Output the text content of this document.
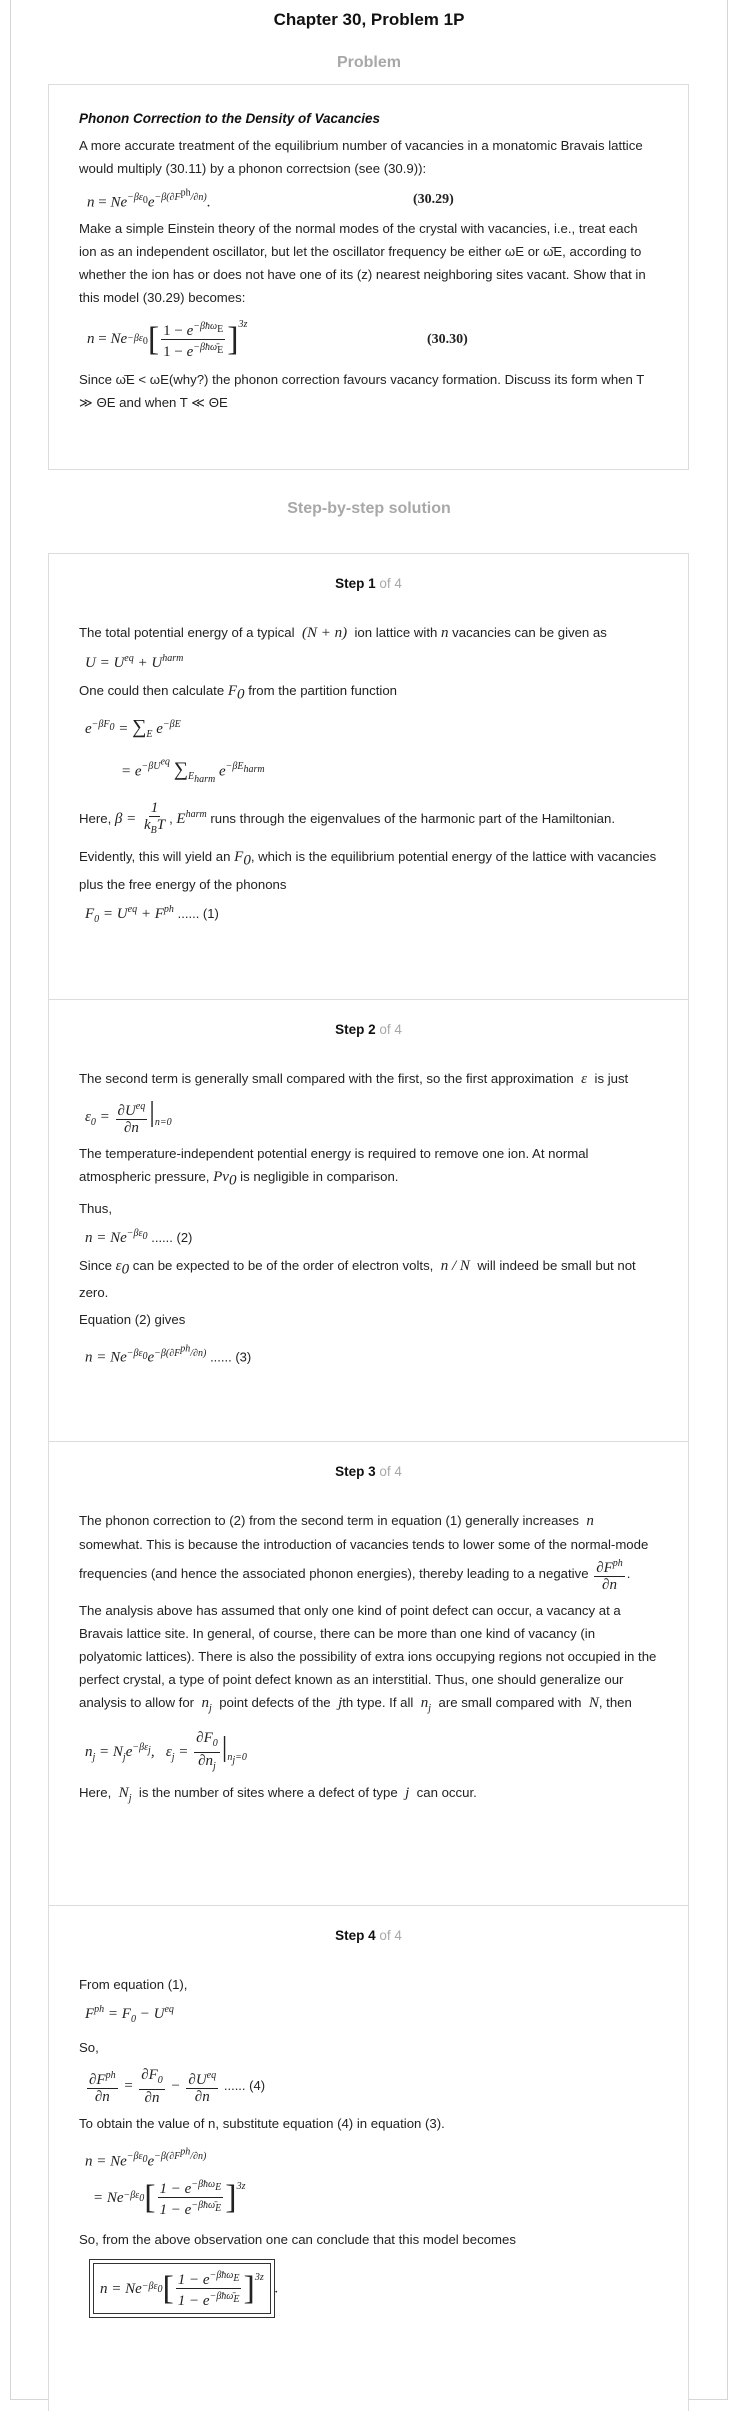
Chapter 30, Problem 1P
Problem
Phonon Correction to the Density of Vacancies
A more accurate treatment of the equilibrium number of vacancies in a monatomic Bravais lattice would multiply (30.11) by a phonon correctsion (see (30.9)):
$n = Ne^{-\beta\varepsilon_0}e^{-\beta(\partial F^{ph}/\partial n)}$.	(30.29)
Make a simple Einstein theory of the normal modes of the crystal with vacancies, i.e., treat each ion as an independent oscillator, but let the oscillator frequency be either ωE or ω̄E, according to whether the ion has or does not have one of its (z) nearest neighboring sites vacant. Show that in this model (30.29) becomes:
$n = Ne -\beta\varepsilon_0$ [ $\frac{1 - e^{-\beta ħ\omega_E}}{1 - e^{-\beta ħ\omegā_E}}$ ] $^{3z}$
(30.30)
Since ω̄E < ωE(why?) the phonon correction favours vacancy formation. Discuss its form when T ≫ ΘE and when T ≪ ΘE
Step-by-step solution
Step 1 of 4
The total potential energy of a typical  (N + n)  ion lattice with n vacancies can be given as
$U = U^{eq} + U^{harm}$
One could then calculate $F_0$ from the partition function
$e^{-\beta F_0} = \sum_E$ $e^{-\beta E}$
= $e^{-\beta U^{eq}}$ $\sum_{E_{harm}}$ $e^{-\beta E_{harm}}$
Here, $\beta = \frac{1}{k_BT}$ , $E^{harm}$ runs through the eigenvalues of the harmonic part of the Hamiltonian.
Evidently, this will yield an $F_0$, which is the equilibrium potential energy of the lattice with vacancies plus the free energy of the phonons
$F_0 = U^{eq} + F^{ph}$ ...... (1)
Step 2 of 4
The second term is generally small compared with the first, so the first approximation  ε  is just
$\varepsilon_0 = \frac{\partial U^{eq}}{\partial n} |_{n=0}$
The temperature-independent potential energy is required to remove one ion. At normal atmospheric pressure, $Pv_0$ is negligible in comparison.
Thus,
$n = Ne^{-\beta\varepsilon_0}$ ...... (2)
Since $\varepsilon_0$ can be expected to be of the order of electron volts,  n / N  will indeed be small but not zero.
Equation (2) gives
$n = Ne^{-\beta\varepsilon_0}e^{-\beta(\partial F^{ph}/\partial n)}$ ...... (3)
Step 3 of 4
The phonon correction to (2) from the second term in equation (1) generally increases  n  somewhat. This is because the introduction of vacancies tends to lower some of the normal-mode frequencies (and hence the associated phonon energies), thereby leading to a negative $\frac{\partial F^{ph}}{\partial n}$ .
The analysis above has assumed that only one kind of point defect can occur, a vacancy at a Bravais lattice site. In general, of course, there can be more than one kind of vacancy (in polyatomic lattices). There is also the possibility of extra ions occupying regions not occupied in the perfect crystal, a type of point defect known as an interstitial. Thus, one should generalize our analysis to allow for  $n_j$ point defects of the  jth type. If all  $n_j$ are small compared with  N, then
$n_j = N_je^{-\beta\varepsilon_j}$,   $\varepsilon_j = \frac{\partial F_0}{\partial n_j} |_{n_j=0}$
Here,  $N_j$ is the number of sites where a defect of type  j  can occur.
Step 4 of 4
From equation (1),
$F^{ph} = F_0 - U^{eq}$
So,
$\frac{\partial F^{ph}}{\partial n} = \frac{\partial F_0}{\partial n} - \frac{\partial U^{eq}}{\partial n}$ ...... (4)
To obtain the value of n, substitute equation (4) in equation (3).
$n = Ne^{-\beta\varepsilon_0}e^{-\beta(\partial F^{ph}/\partial n)}$
= $Ne -\beta\varepsilon_0$ [ $\frac{1 - e^{-\beta ħ\omega_E}}{1 - e^{-\beta ħ\omegā_E}} ]^{3z}$
So, from the above observation one can conclude that this model becomes
$n = Ne -\beta\varepsilon_0$ [ $\frac{1 - e^{-\beta ħ\omega_E}}{1 - e^{-\beta ħ\omegā_E}} ]^{3z}$
.
